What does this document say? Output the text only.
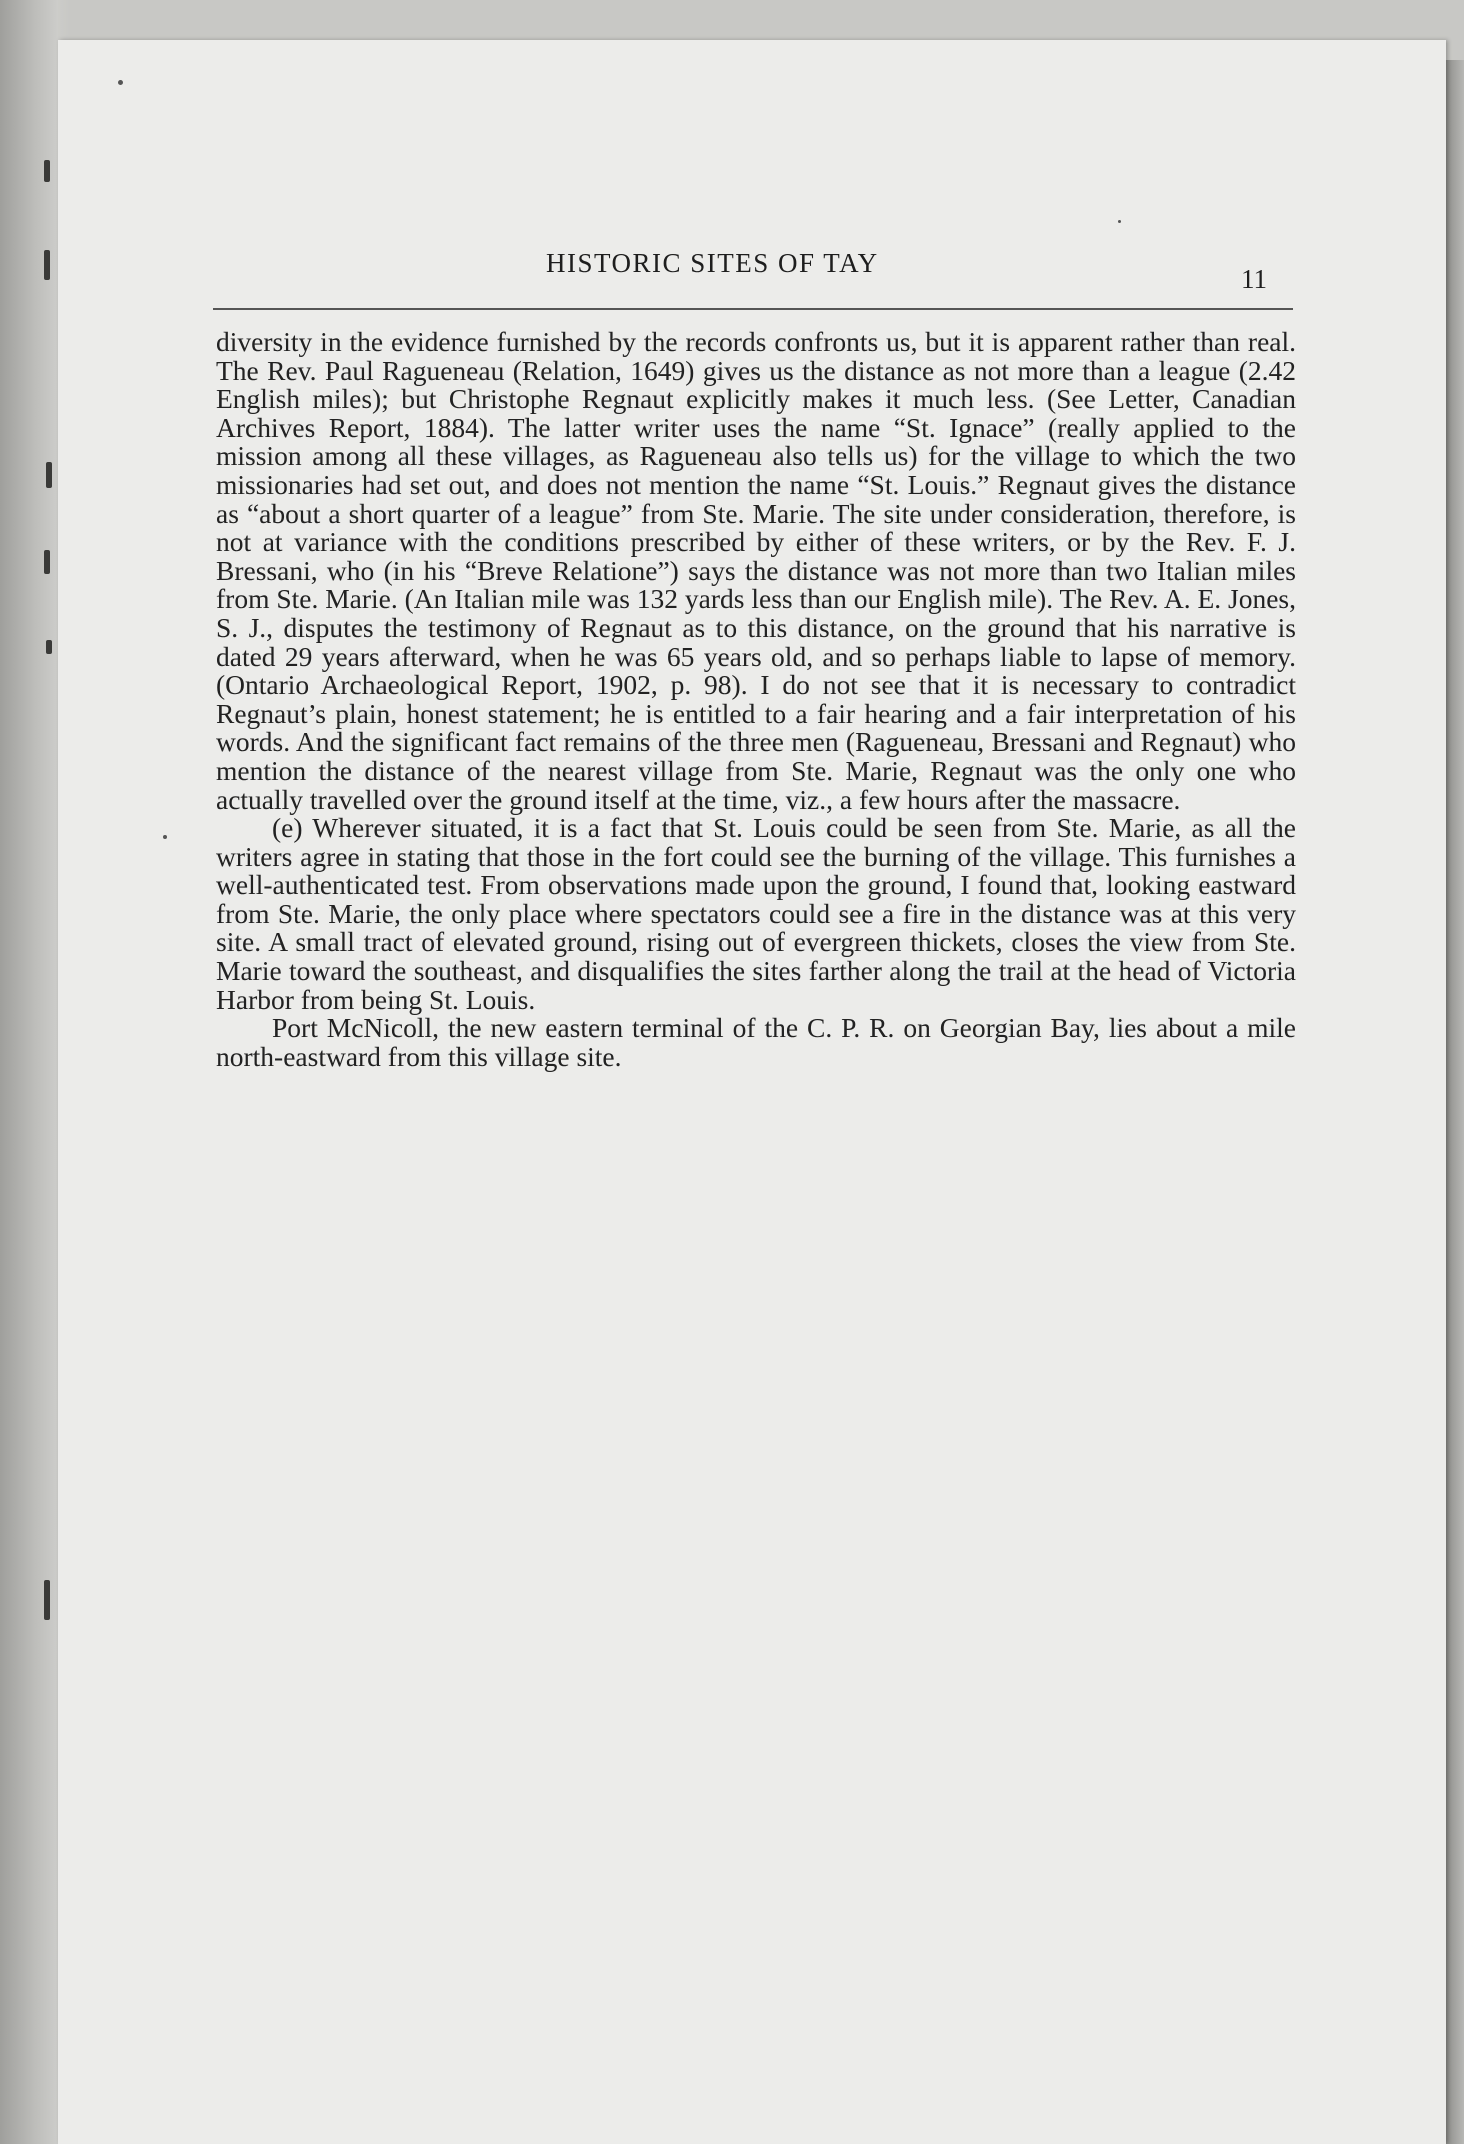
HISTORIC SITES OF TAY
11

diversity in the evidence furnished by the records confronts us, but it is apparent rather than real. The Rev. Paul Ragueneau (Relation, 1649) gives us the distance as not more than a league (2.42 English miles); but Christophe Regnaut explicitly makes it much less. (See Letter, Canadian Archives Report, 1884). The latter writer uses the name “St. Ignace” (really applied to the mission among all these villages, as Ragueneau also tells us) for the village to which the two missionaries had set out, and does not mention the name “St. Louis.” Regnaut gives the distance as “about a short quarter of a league” from Ste. Marie. The site under consideration, therefore, is not at variance with the conditions prescribed by either of these writers, or by the Rev. F. J. Bressani, who (in his “Breve Relatione”) says the distance was not more than two Italian miles from Ste. Marie. (An Italian mile was 132 yards less than our English mile). The Rev. A. E. Jones, S. J., disputes the testimony of Regnaut as to this distance, on the ground that his narrative is dated 29 years afterward, when he was 65 years old, and so perhaps liable to lapse of memory. (Ontario Archaeological Report, 1902, p. 98). I do not see that it is necessary to contradict Regnaut’s plain, honest statement; he is entitled to a fair hearing and a fair interpretation of his words. And the significant fact remains of the three men (Ragueneau, Bressani and Regnaut) who mention the distance of the nearest village from Ste. Marie, Regnaut was the only one who actually travelled over the ground itself at the time, viz., a few hours after the massacre.

(e) Wherever situated, it is a fact that St. Louis could be seen from Ste. Marie, as all the writers agree in stating that those in the fort could see the burning of the village. This furnishes a well-authenticated test. From observations made upon the ground, I found that, looking eastward from Ste. Marie, the only place where spectators could see a fire in the distance was at this very site. A small tract of elevated ground, rising out of evergreen thickets, closes the view from Ste. Marie toward the southeast, and disqualifies the sites farther along the trail at the head of Victoria Harbor from being St. Louis.

Port McNicoll, the new eastern terminal of the C. P. R. on Georgian Bay, lies about a mile north-eastward from this village site.
